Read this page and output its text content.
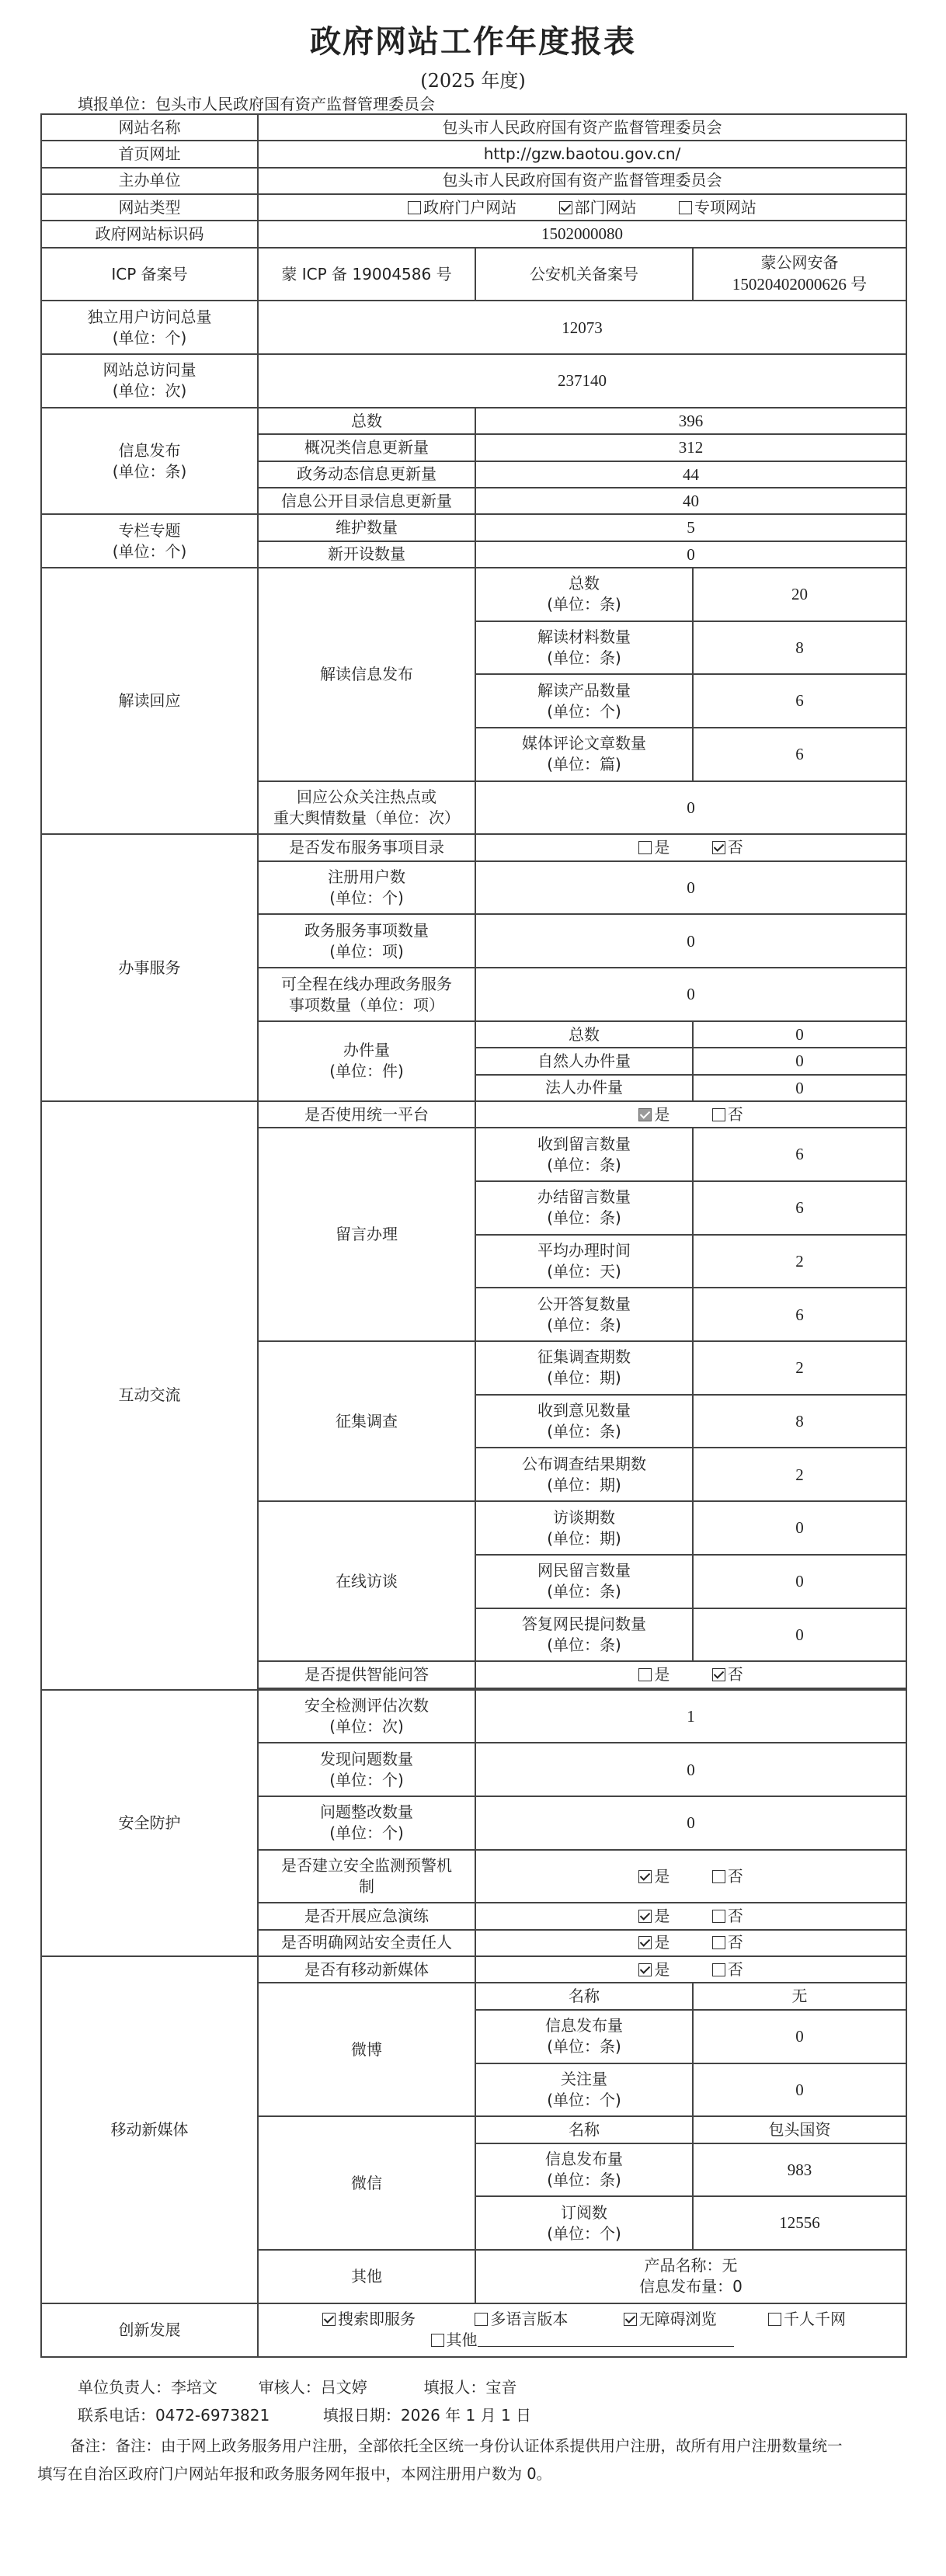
政府网站工作年度报表
(2025 年度)
填报单位：包头市人民政府国有资产监督管理委员会
网站名称	包头市人民政府国有资产监督管理委员会		
首页网址	http://gzw.baotou.gov.cn/		
主办单位	包头市人民政府国有资产监督管理委员会		
网站类型	政府门户网站 部门网站 专项网站		
政府网站标识码	1502000080		
ICP 备案号	蒙 ICP 备 19004586 号	公安机关备案号	蒙公网安备
15020402000626 号

独立用户访问总量
(单位：个)	12073		

网站总访问量
(单位：次)	237140		

信息发布
(单位：条)	总数	396	
	概况类信息更新量	312	
	政务动态信息更新量	44	
	信息公开目录信息更新量	40	

专栏专题
(单位：个)	维护数量	5	
	新开设数量	0	
解读回应	解读信息发布	总数
(单位：条)	20

		解读材料数量
(单位：条)	8

		解读产品数量
(单位：个)	6

		媒体评论文章数量
(单位：篇)	6

	回应公众关注热点或
重大舆情数量（单位：次）	0	
办事服务	是否发布服务事项目录	是 否	

	注册用户数
(单位：个)	0	

	政务服务事项数量
(单位：项)	0	

	可全程在线办理政务服务
事项数量（单位：项）	0	

	办件量
(单位：件)	总数	0
		自然人办件量	0
		法人办件量	0
互动交流	是否使用统一平台	是 否	
	留言办理	收到留言数量
(单位：条)	6

		办结留言数量
(单位：条)	6

		平均办理时间
(单位：天)	2

		公开答复数量
(单位：条)	6
	征集调查	征集调查期数
(单位：期)	2

		收到意见数量
(单位：条)	8

		公布调查结果期数
(单位：期)	2
	在线访谈	访谈期数
(单位：期)	0

		网民留言数量
(单位：条)	0

		答复网民提问数量
(单位：条)	0
	是否提供智能问答	是 否	

安全防护	安全检测评估次数
(单位：次)	1	

	发现问题数量
(单位：个)	0	

	问题整改数量
(单位：个)	0	

	是否建立安全监测预警机
制	是 否	
	是否开展应急演练	是 否	
	是否明确网站安全责任人	是 否	
移动新媒体	是否有移动新媒体	是 否	
	微博	名称	无

		信息发布量
(单位：条)	0

		关注量
(单位：个)	0
	微信	名称	包头国资

		信息发布量
(单位：条)	983

		订阅数
(单位：个)	12556
	其他	产品名称：无
信息发布量：0	

创新发展	搜索即服务 多语言版本 无障碍浏览 千人千网
其他		
单位负责人：李培文	审核人：吕文婷	填报人：宝音
联系电话：0472-6973821	填报日期：2026 年 1 月 1 日
备注：备注：由于网上政务服务用户注册，全部依托全区统一身份认证体系提供用户注册，故所有用户注册数量统一
填写在自治区政府门户网站年报和政务服务网年报中，本网注册用户数为 0。
